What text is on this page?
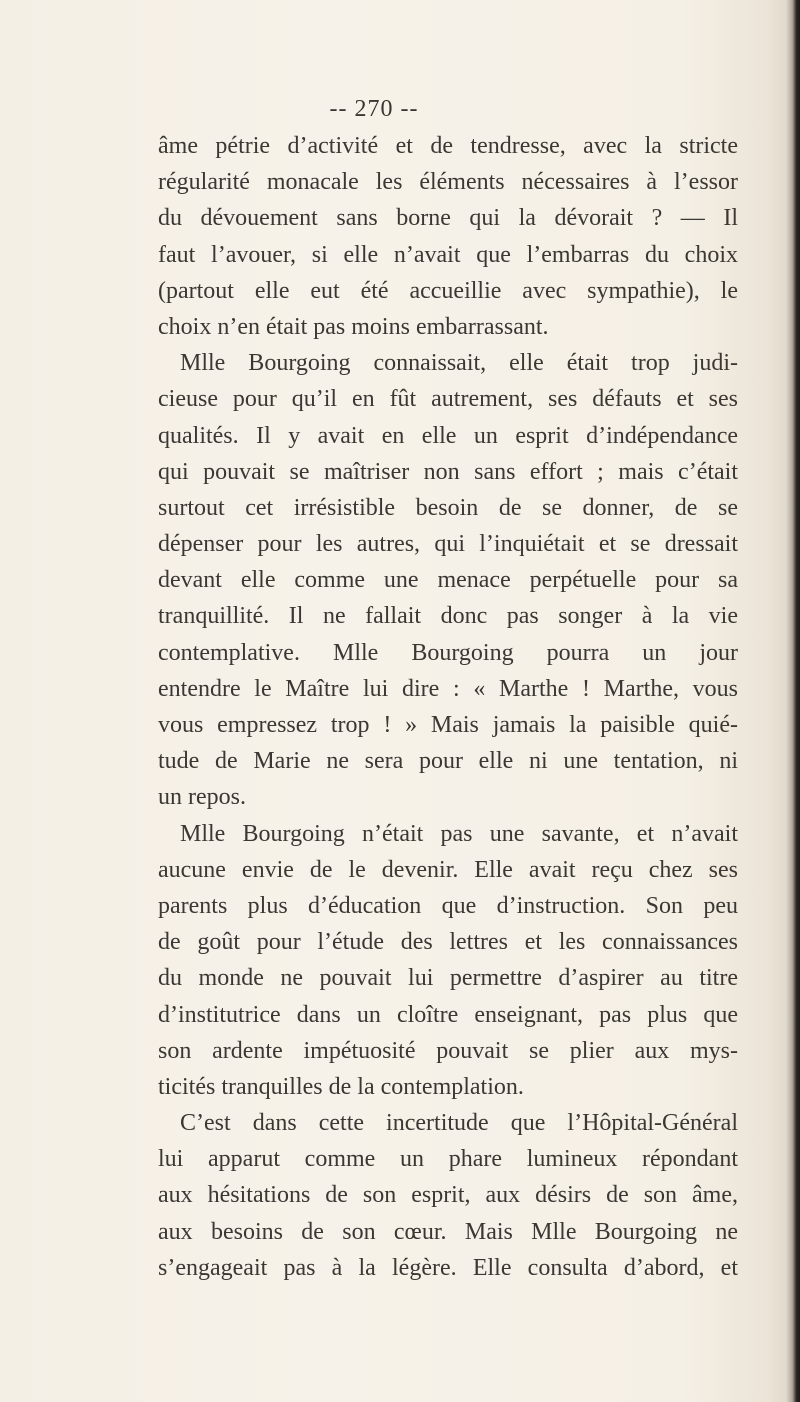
-- 270 --
âme pétrie d’activité et de tendresse, avec la stricte
régularité monacale les éléments nécessaires à l’essor
du dévouement sans borne qui la dévorait ? — Il
faut l’avouer, si elle n’avait que l’embarras du choix
(partout elle eut été accueillie avec sympathie), le
choix n’en était pas moins embarrassant.
Mlle Bourgoing connaissait, elle était trop judi-
cieuse pour qu’il en fût autrement, ses défauts et ses
qualités. Il y avait en elle un esprit d’indépendance
qui pouvait se maîtriser non sans effort ; mais c’était
surtout cet irrésistible besoin de se donner, de se
dépenser pour les autres, qui l’inquiétait et se dressait
devant elle comme une menace perpétuelle pour sa
tranquillité. Il ne fallait donc pas songer à la vie
contemplative. Mlle Bourgoing pourra un jour
entendre le Maître lui dire : « Marthe ! Marthe, vous
vous empressez trop ! » Mais jamais la paisible quié-
tude de Marie ne sera pour elle ni une tentation, ni
un repos.
Mlle Bourgoing n’était pas une savante, et n’avait
aucune envie de le devenir. Elle avait reçu chez ses
parents plus d’éducation que d’instruction. Son peu
de goût pour l’étude des lettres et les connaissances
du monde ne pouvait lui permettre d’aspirer au titre
d’institutrice dans un cloître enseignant, pas plus que
son ardente impétuosité pouvait se plier aux mys-
ticités tranquilles de la contemplation.
C’est dans cette incertitude que l’Hôpital-Général
lui apparut comme un phare lumineux répondant
aux hésitations de son esprit, aux désirs de son âme,
aux besoins de son cœur. Mais Mlle Bourgoing ne
s’engageait pas à la légère. Elle consulta d’abord, et
